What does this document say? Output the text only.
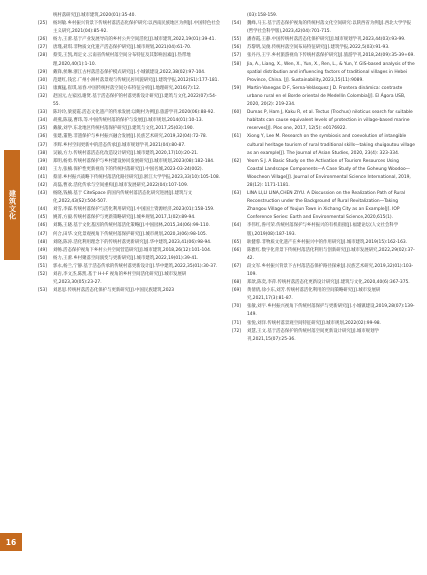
建筑文化
16
统村落研究[J].城市建筑,2020(01):35-40.
[25]	杨珂敏.乡村振兴背景下传统村落活态化保护研究:以西南民族地区为例[J].中国特色社会主义研究,2021(04):85-92.
[26]	杨力,王蕾.基于产业发展导向的乡村公共空间活化[J].城市建筑,2022,19(01):39-41.
[27]	唐瑾,聂琪.非物质文化遗产活态保护研究[J].城市规划,2021(04):61-70.
[28]	蔡雯,王凯,周定文.云南省传统村落空间分布特征及其影响因素[J].热带地理,2020,40(1):1-10.
[29]	戴锋,侯琳.浙江古村落活态保护模式研究[J].小城镇建设,2022,38(02):97-104.
[30]	范建红,钱宏.广州小洲村落景观与传统民居风貌研究[J].建筑学报,2012(S1):177-181.
[31]	康翼猛,崔琪,易春.中国传统村落空间分布特征分析[J].地理研究,2016(7):12.
[32]	赵国元,左家园,谢贤.基于活态保护的村落更新设计研究[J].建筑与文化,2022(07):54-55.
[33]	陈玲玲,梁爱霞.活态文化遗产的传承发展:以鲍村为例[J].旅游学刊,2020(06):88-92.
[34]	胡燕,陈晟,曹玮,等.中国传统村落的保护与发展[J].城市规划,2014(01):10-13.
[35]	戴敏,刘学.东北地区传统村落保护研究[J].建筑与文化,2017,25(03):190.
[36]	张建,董艳.非遗保护与乡村振兴融合发展[J].民族艺术研究,2019,32(04):72-78.
[37]	李辉.乡村空间更新中的活态传承[J].城市规划学刊,2021(04):80-87.
[38]	吴颖,方力.传统村落活态化改造设计研究[J].城市建筑,2020,17(10):20-21.
[39]	郑明,杨勇.传统村落保护与乡村建设协同发展研究[J].城市规划,2023(08):182-184.
[40]	王力,张楠.保护性更新视角下的传统村落研究[J].中国名城,2023-03-24(002).
[41]	蔡清.乡村振兴战略下传统村落活化路径研究[J].浙江大学学报,2023,33(10):105-108.
[42]	高磊,曹欢.活化传承与空间重构[J].城市发展研究,2022(04):107-109.
[43]	杨晓,钱楠.基于 CiteSpace 的国内传统村落活态化研究进展[J].建筑与文化,2022,43(S2):504-507.
[44]	刘雪,李霖.传统村落保护与活化利用研究[J].中国国土资源经济,2023(01):158-159.
[45]	姚菁,方毅.传统村落保护与更新策略研究[J].城乡规划,2017,1(02):89-94.
[46]	刘璐,王晓.基于文化基因的传统村落活化策略[J].中国园林,2015,34(06):99-110.
[47]	何合,田华.文化景观视角下传统村落保护研究[J].城市规划,2020,3(06):98-105.
[48]	刘晓,陈涛.活化利用理念下的传统村落更新研究[J].华中建筑,2023,41(06):98-94.
[49]	刘畅.活态保护视角下乡村公共空间营造研究[J].城市建筑,2018,26(12):101-104.
[50]	杨力,王蕾.乡村聚落空间演变与更新研究[J].城市建筑,2022,19(01):39-41.
[51]	郭永,杨兰,宁静.基于活态传承的传统村落更新设计[J].华中建筑,2022,35(01):30-37.
[52]	刘岩,李文杰,陈凯.基于 H-I-F 视角的乡村空间活化研究[J].城市发展研究,2023,30(05):23-27.
[53]	刘思思.传统村落活态化保护与更新研究[J].中国民族建筑,2023
(03):158-159.
[54]	魏峰,马玉.基于活态保护视角的传统村落文化空间研究:以陕西省为例[J].西北大学学报(哲学社会科学版),2023,42(04):701-715.
[55]	潘春霞,王静.中国传统村落活态化保护研究[J].城市规划学刊,2023,44(03):93-99.
[56]	苏黎明,吴俊.传统村落空间布局特征研究[J].建筑学报,2022,5(03):91-93.
[57]	张丹丹,王宇.乡村旅游视角下传统村落保护研究[J].旅游学刊,2018,24(09):35-39+69.
[58]	Jia, A., Liang, X., Wen, X., Yun, X., Ren, L., & Yun, Y. GIS-based analysis of the spatial distribution and influencing factors of traditional villages in Hebei Province, China. [J]. Sustainability,2023,15(11):9089.
[59]	Martin-Vanegas D F, Serna-Velásquez J D. Frontera dinámica: contraste urbano rural en el Borde oriental de Medellín Colombia[J]. El Ágora USB, 2020, 20(2): 219-234.
[60]	Dumas P, Ham J, Kaku R, et al. Tectus (Trochus) niloticus search for suitable habitats can cause equivalent levels of protection in village-based marine reserves[J]. Plos one, 2017, 12(5): e0176922.
[61]	Xiong Y, Lee M. Research on the symbiosis and coevolution of intangible cultural heritage tourism of rural traditional skills—taking shuigoutou village as an example[J]. The Journal of Asian Studies, 2020, 23(4): 323-334.
[62]	Yeom S J. A Basic Study on the Activation of Tourism Resources Using Coastal Landscape Components—A Case Study of the Goheung Woodoo—Woocheon Village[J]. Journal of Environmental Science International, 2019, 28(12): 1171-1181.
[63]	LINA LI,LI LINA,CHEN ZIYU. A Discussion on the Realization Path of Rural Reconstruction under the Background of Rural Revitalization—Taking Zhangou Village of Youjun Town in Xichang City as an Example[J]. IOP Conference Series: Earth and Environmental Science,2020,615(1).
[64]	李伟红,鲁可荣.传统村落保护与乡村振兴的有机衔接[J].福建论坛(人文社会科学版),2019(08):187-193.
[65]	耿健蓉.非物质文化遗产在乡村振兴中的作用研究[J].城市建筑,2019(15):162-163.
[66]	陈雅红.数字化背景下传统村落活化利用与创新研究[J].城市发展研究,2022,29(02):37-42.
[67]	段文军.乡村振兴背景下古村落活态保护路径探索[J].民族艺术研究,2019,32(01):103-109.
[68]	郑歆,陈奕,李萍.传统村落活态化更新设计研究[J].建筑与文化,2020,40(6):367-375.
[69]	黄倩倩,徐小东,刘芳.传统村落活化利用的空间策略研究[J].城市发展研究,2021,17(3):81-87.
[70]	张敏,刘宇.乡村振兴视角下传统村落保护与更新研究[J].小城镇建设,2019,28(07):139-149.
[71]	张悦,刘洋.传统村落景观空间特征研究[J].城市规划,2022(02):99-98.
[72]	刘慧,王文.基于活态保护的传统村落空间更新设计研究[J].城市规划学刊,2021,15(07):25-36.
